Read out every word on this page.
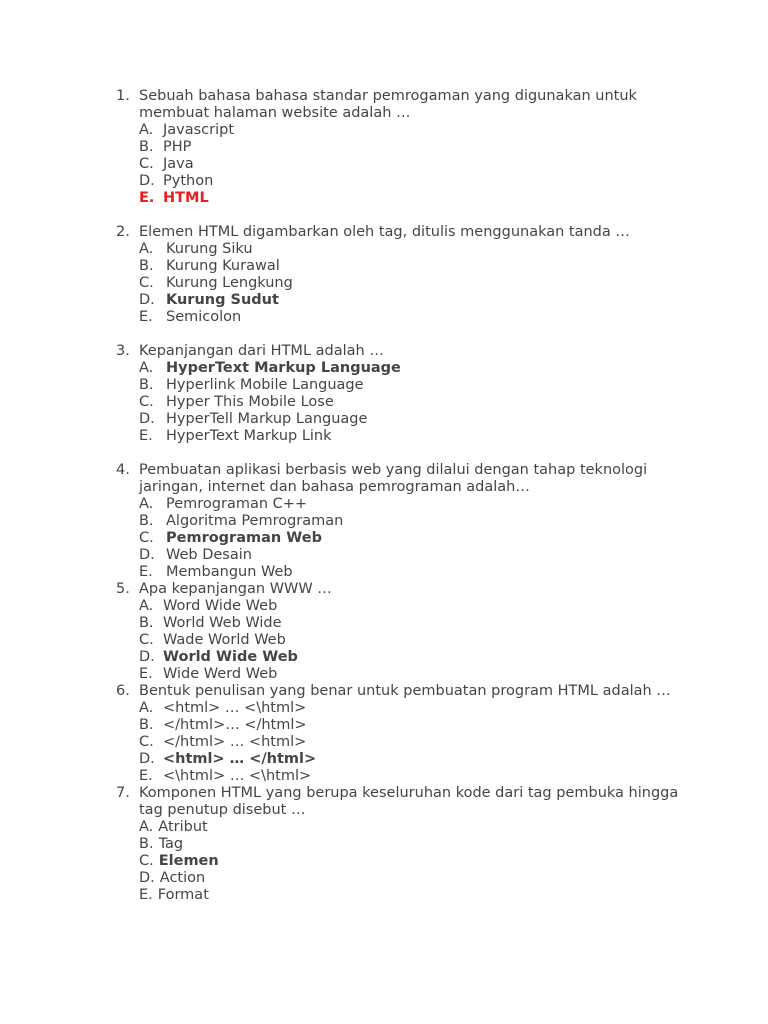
1. Sebuah bahasa bahasa standar pemrogaman yang digunakan untuk membuat halaman website adalah …
A. Javascript
B. PHP
C. Java
D. Python
E. HTML
2. Elemen HTML digambarkan oleh tag, ditulis menggunakan tanda …
A. Kurung Siku
B. Kurung Kurawal
C. Kurung Lengkung
D. Kurung Sudut
E. Semicolon
3. Kepanjangan dari HTML adalah …
A. HyperText Markup Language
B. Hyperlink Mobile Language
C. Hyper This Mobile Lose
D. HyperTell Markup Language
E. HyperText Markup Link
4. Pembuatan aplikasi berbasis web yang dilalui dengan tahap teknologi jaringan, internet dan bahasa pemrograman adalah…
A. Pemrograman C++
B. Algoritma Pemrograman
C. Pemrograman Web
D. Web Desain
E. Membangun Web
5. Apa kepanjangan WWW …
A. Word Wide Web
B. World Web Wide
C. Wade World Web
D. World Wide Web
E. Wide Werd Web
6. Bentuk penulisan yang benar untuk pembuatan program HTML adalah …
A. <html> … <\html>
B. </html>… </html>
C. </html> … <html>
D. <html> … </html>
E. <\html> … <\html>
7. Komponen HTML yang berupa keseluruhan kode dari tag pembuka hingga tag penutup disebut …
A. Atribut
B. Tag
C. Elemen
D. Action
E. Format
